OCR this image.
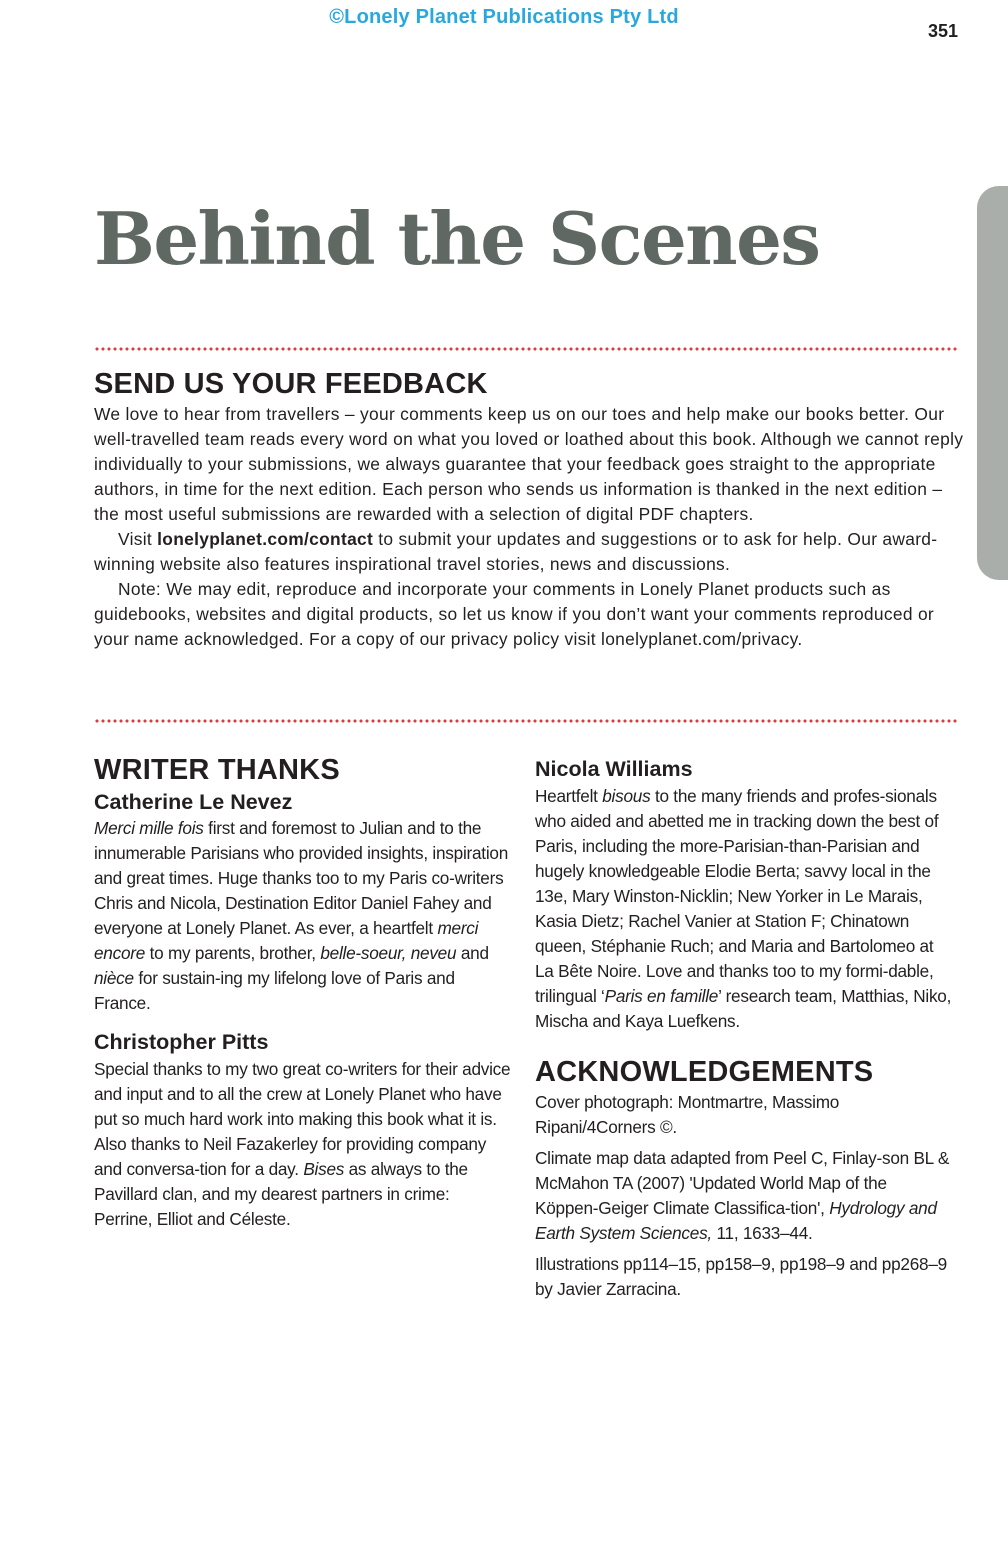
©Lonely Planet Publications Pty Ltd
351
Behind the Scenes
SEND US YOUR FEEDBACK

We love to hear from travellers – your comments keep us on our toes and help make our books better. Our well-travelled team reads every word on what you loved or loathed about this book. Although we cannot reply individually to your submissions, we always guarantee that your feedback goes straight to the appropriate authors, in time for the next edition. Each person who sends us information is thanked in the next edition – the most useful submissions are rewarded with a selection of digital PDF chapters.

Visit lonelyplanet.com/contact to submit your updates and suggestions or to ask for help. Our award-winning website also features inspirational travel stories, news and discussions.

Note: We may edit, reproduce and incorporate your comments in Lonely Planet products such as guidebooks, websites and digital products, so let us know if you don’t want your comments reproduced or your name acknowledged. For a copy of our privacy policy visit lonelyplanet.com/privacy.

WRITER THANKS
Catherine Le Nevez

Merci mille fois first and foremost to Julian and to the innumerable Parisians who provided insights, inspiration and great times. Huge thanks too to my Paris co-writers Chris and Nicola, Destination Editor Daniel Fahey and everyone at Lonely Planet. As ever, a heartfelt merci encore to my parents, brother, belle-soeur, neveu and nièce for sustain-ing my lifelong love of Paris and France.

Christopher Pitts

Special thanks to my two great co-writers for their advice and input and to all the crew at Lonely Planet who have put so much hard work into making this book what it is. Also thanks to Neil Fazakerley for providing company and conversa-tion for a day. Bises as always to the Pavillard clan, and my dearest partners in crime: Perrine, Elliot and Céleste.

Nicola Williams

Heartfelt bisous to the many friends and profes-sionals who aided and abetted me in tracking down the best of Paris, including the more-Parisian-than-Parisian and hugely knowledgeable Elodie Berta; savvy local in the 13e, Mary Winston-Nicklin; New Yorker in Le Marais, Kasia Dietz; Rachel Vanier at Station F; Chinatown queen, Stéphanie Ruch; and Maria and Bartolomeo at La Bête Noire. Love and thanks too to my formi-dable, trilingual ‘Paris en famille’ research team, Matthias, Niko, Mischa and Kaya Luefkens.

ACKNOWLEDGEMENTS

Cover photograph: Montmartre, Massimo Ripani/4Corners ©.

Climate map data adapted from Peel C, Finlay-son BL & McMahon TA (2007) 'Updated World Map of the Köppen-Geiger Climate Classifica-tion', Hydrology and Earth System Sciences, 11, 1633–44.

Illustrations pp114–15, pp158–9, pp198–9 and pp268–9 by Javier Zarracina.
